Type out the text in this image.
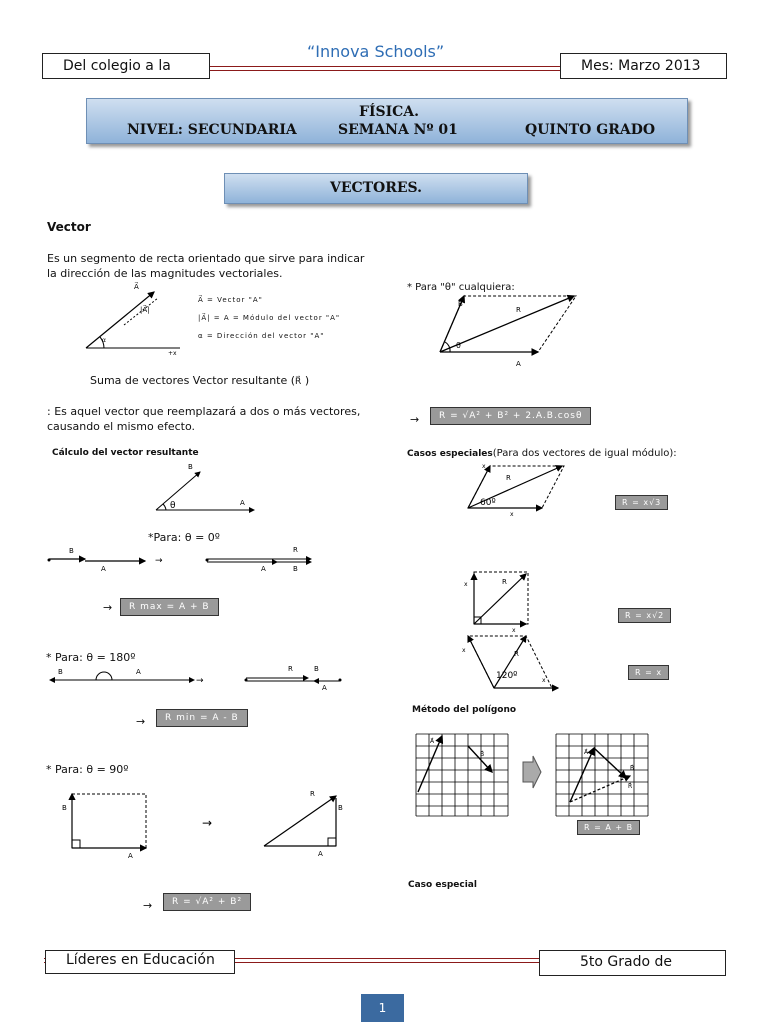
Del colegio a la
“Innova Schools”
Mes: Marzo 2013
FÍSICA.
NIVEL: SECUNDARIA	SEMANA Nº 01	QUINTO GRADO
VECTORES.
Vector
Es un segmento de recta orientado que sirve para indicar la dirección de las magnitudes vectoriales.
A⃗
|A⃗|
α
+x
A⃗ = Vector "A"
|A⃗| = A = Módulo del vector "A"
α = Dirección del vector "A"
Suma de vectores Vector resultante (R⃗ )
: Es aquel vector que reemplazará a dos o más vectores, causando el mismo efecto.
Cálculo del vector resultante
θ
B
A
*Para: θ = 0º
B
A
→
R
A	B
→	R max = A + B
* Para: θ = 180º
B	A
→
R	B
A
→	R min = A - B
* Para: θ = 90º
B
A
→
R
B
A
→	R = √A² + B²
* Para "θ" cualquiera:
θ
B
R
A
→	R = √A² + B² + 2.A.B.cosθ
Casos especiales(Para dos vectores de igual módulo):
60º
x
R
x
R = x√3
x	R
x
R = x√2
120º
x	R
x
R = x
Método del polígono
A⃗
B⃗	A⃗
B⃗
R⃗
R = A + B
Caso especial
Líderes en Educación	5to Grado de
1
